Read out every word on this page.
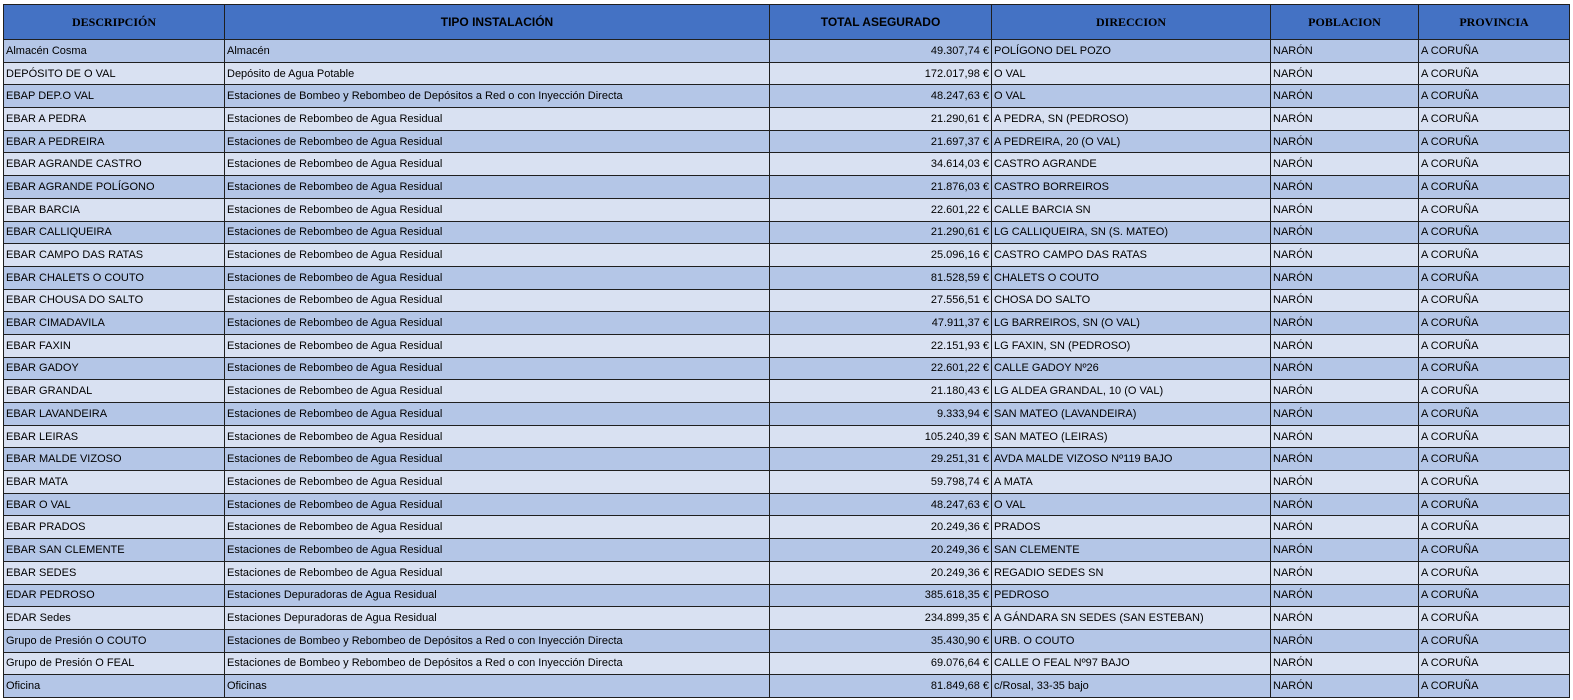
DESCRIPCIÓN	TIPO INSTALACIÓN	TOTAL ASEGURADO	DIRECCION	POBLACION	PROVINCIA
Almacén Cosma	Almacén	49.307,74 €	POLÍGONO DEL POZO	NARÓN	A CORUÑA
DEPÓSITO DE O VAL	Depósito de Agua Potable	172.017,98 €	O VAL	NARÓN	A CORUÑA
EBAP DEP.O VAL	Estaciones de Bombeo y Rebombeo de Depósitos a Red o con Inyección Directa	48.247,63 €	O VAL	NARÓN	A CORUÑA
EBAR A PEDRA	Estaciones de Rebombeo de Agua Residual	21.290,61 €	A PEDRA, SN (PEDROSO)	NARÓN	A CORUÑA
EBAR A PEDREIRA	Estaciones de Rebombeo de Agua Residual	21.697,37 €	A PEDREIRA, 20 (O VAL)	NARÓN	A CORUÑA
EBAR AGRANDE CASTRO	Estaciones de Rebombeo de Agua Residual	34.614,03 €	CASTRO AGRANDE	NARÓN	A CORUÑA
EBAR AGRANDE POLÍGONO	Estaciones de Rebombeo de Agua Residual	21.876,03 €	CASTRO BORREIROS	NARÓN	A CORUÑA
EBAR BARCIA	Estaciones de Rebombeo de Agua Residual	22.601,22 €	CALLE BARCIA SN	NARÓN	A CORUÑA
EBAR CALLIQUEIRA	Estaciones de Rebombeo de Agua Residual	21.290,61 €	LG CALLIQUEIRA, SN (S. MATEO)	NARÓN	A CORUÑA
EBAR CAMPO DAS RATAS	Estaciones de Rebombeo de Agua Residual	25.096,16 €	CASTRO CAMPO DAS RATAS	NARÓN	A CORUÑA
EBAR CHALETS O COUTO	Estaciones de Rebombeo de Agua Residual	81.528,59 €	CHALETS O COUTO	NARÓN	A CORUÑA
EBAR CHOUSA DO SALTO	Estaciones de Rebombeo de Agua Residual	27.556,51 €	CHOSA DO SALTO	NARÓN	A CORUÑA
EBAR CIMADAVILA	Estaciones de Rebombeo de Agua Residual	47.911,37 €	LG BARREIROS, SN (O VAL)	NARÓN	A CORUÑA
EBAR FAXIN	Estaciones de Rebombeo de Agua Residual	22.151,93 €	LG FAXIN, SN (PEDROSO)	NARÓN	A CORUÑA
EBAR GADOY	Estaciones de Rebombeo de Agua Residual	22.601,22 €	CALLE GADOY Nº26	NARÓN	A CORUÑA
EBAR GRANDAL	Estaciones de Rebombeo de Agua Residual	21.180,43 €	LG ALDEA GRANDAL, 10 (O VAL)	NARÓN	A CORUÑA
EBAR LAVANDEIRA	Estaciones de Rebombeo de Agua Residual	9.333,94 €	SAN MATEO (LAVANDEIRA)	NARÓN	A CORUÑA
EBAR LEIRAS	Estaciones de Rebombeo de Agua Residual	105.240,39 €	SAN MATEO (LEIRAS)	NARÓN	A CORUÑA
EBAR MALDE VIZOSO	Estaciones de Rebombeo de Agua Residual	29.251,31 €	AVDA MALDE VIZOSO Nº119 BAJO	NARÓN	A CORUÑA
EBAR MATA	Estaciones de Rebombeo de Agua Residual	59.798,74 €	A MATA	NARÓN	A CORUÑA
EBAR O VAL	Estaciones de Rebombeo de Agua Residual	48.247,63 €	O VAL	NARÓN	A CORUÑA
EBAR PRADOS	Estaciones de Rebombeo de Agua Residual	20.249,36 €	PRADOS	NARÓN	A CORUÑA
EBAR SAN CLEMENTE	Estaciones de Rebombeo de Agua Residual	20.249,36 €	SAN CLEMENTE	NARÓN	A CORUÑA
EBAR SEDES	Estaciones de Rebombeo de Agua Residual	20.249,36 €	REGADIO SEDES SN	NARÓN	A CORUÑA
EDAR PEDROSO	Estaciones Depuradoras de Agua Residual	385.618,35 €	PEDROSO	NARÓN	A CORUÑA
EDAR Sedes	Estaciones Depuradoras de Agua Residual	234.899,35 €	A GÁNDARA SN SEDES (SAN ESTEBAN)	NARÓN	A CORUÑA
Grupo de Presión O COUTO	Estaciones de Bombeo y Rebombeo de Depósitos a Red o con Inyección Directa	35.430,90 €	URB. O COUTO	NARÓN	A CORUÑA
Grupo de Presión O FEAL	Estaciones de Bombeo y Rebombeo de Depósitos a Red o con Inyección Directa	69.076,64 €	CALLE O FEAL Nº97 BAJO	NARÓN	A CORUÑA
Oficina	Oficinas	81.849,68 €	c/Rosal, 33-35 bajo	NARÓN	A CORUÑA
